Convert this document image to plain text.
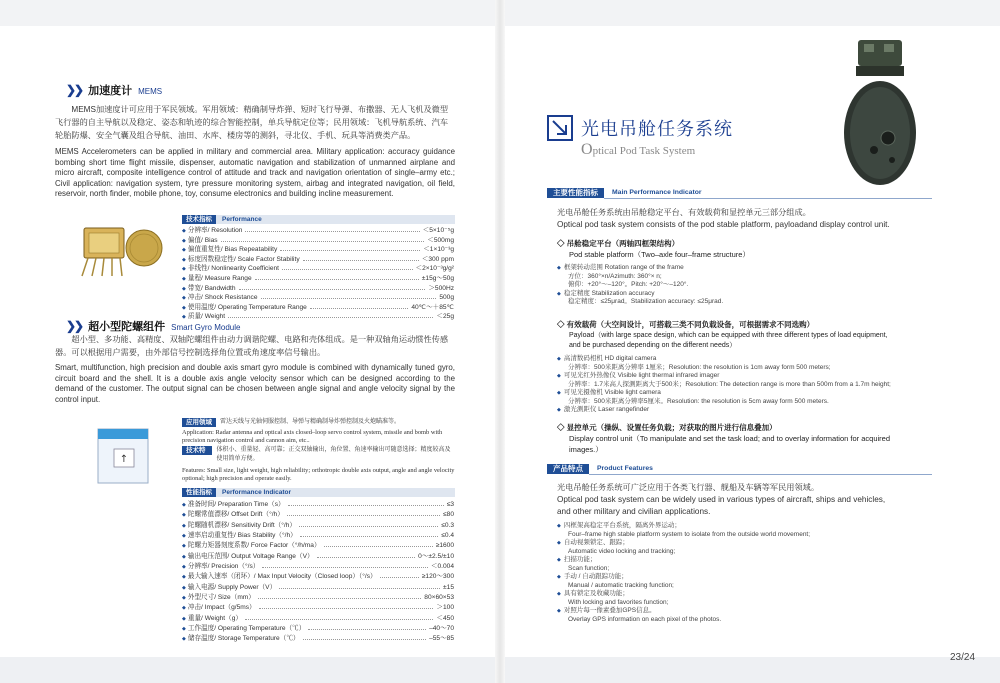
❯❯ 加速度计 MEMS
MEMS加速度计可应用于军民领域。军用领域：精确制导炸弹、短时飞行导弹、布撒器、无人飞机及微型飞行器的自主导航以及稳定、姿态和轨迹的综合智能控制，单兵导航定位等；民用领域：飞机导航系统、汽车轮胎防爆、安全气囊及组合导航、油田、水库、楼房等的测斜，寻北仪、手机、玩具等消费类产品。
MEMS Accelerometers can be applied in military and commercial area. Military application: accuracy guidance bombing short time flight missile, dispenser, automatic navigation and stabilization of unmanned airplane and micro aircraft, composite intelligence control of attitude and track and navigation orientation of single–army etc.; Civil application: navigation system, tyre pressure monitoring system, airbag and integrated navigation, oil field, reservoir, north finder, mobile phone, toy, consume electronics and building incline measurement.
技术指标	Performance
◆ 分辨率/ Resolution	＜5×10⁻⁵g
◆ 偏值/ Bias	＜500mg
◆ 偏值重复性/ Bias Repeatability	＜1×10⁻³g
◆ 标度因数稳定性/ Scale Factor Stability	＜300 ppm
◆ 非线性/ Nonlinearity Coefficient	＜2×10⁻³g/g²
◆ 量程/ Measure Range	±15g～50g
◆ 带宽/ Bandwidth	＞500Hz
◆ 冲击/ Shock Resistance	500g
◆ 使用温度/ Operating Temperature Range	40℃～＋85℃
◆ 质量/ Weight	＜25g
❯❯ 超小型陀螺组件 Smart Gyro Module
超小型、多功能、高精度、双轴陀螺组件由动力调谐陀螺、电路和壳体组成。是一种双轴角运动惯性传感器。可以根据用户需要，由外部信号控制选择角位置或角速度率信号输出。
Smart, multifunction, high precision and double axis smart gyro module is combined with dynamically tuned gyro, circuit board and the shell. It is a double axis angle velocity sensor which can be designed according to the demand of the customer. The output signal can be chosen between angle signal and angle velocity signal by the control input.
↑
应用领域	雷达天线与光轴伺服控制、导弹与精确制导炸弹控制及火炮瞄准等。
Application: Radar antenna and optical axis closed–loop servo control system, missile and bomb with precision navigation control and cannon aim, etc..
技术特点
体积小、重量轻、高可靠；正交双轴输出，角位置、角速率输出可随意选择；精度较高及使用简单方便。
Features: Small size, light weight, high reliability; orthotropic double axis output, angle and angle velocity optional; high precision and operate easily.
性能指标	Performance Indicator
◆ 准备时间/ Preparation Time（s）	≤3
◆ 陀螺常值漂移/ Offset Drift（°/h）	≤80
◆ 陀螺随机漂移/ Sensitivity Drift（°/h）	≤0.3
◆ 速率启动重复性/ Bias Stability（°/h）	≤0.4
◆ 陀螺力矩器刻度系数/ Force Factor（°/h/ma）	≥1600
◆ 输出电压范围/ Output Voltage Range（V）	0～±2.5/±10
◆ 分辨率/ Precision（°/s）	＜0.004
◆ 最大输入速率（闭环）/ Max Input Velocity（Closed loop）（°/s）	≥120～300
◆ 输入电源/ Supply Power（V）	±15
◆ 外型尺寸/ Size（mm）	80×60×53
◆ 冲击/ Impact（g/5ms）	＞100
◆ 重量/ Weight（g）	＜450
◆ 工作温度/ Operating Temperature（℃）	–40～70
◆ 储存温度/ Storage Temperature（℃）	–55～85
光电吊舱任务系统
Optical Pod Task System
主要性能指标	Main Performance Indicator
光电吊舱任务系统由吊舱稳定平台、有效载荷和显控单元三部分组成。
Optical pod task system consists of the pod stable platform, payloadand display control unit.
◇ 吊舱稳定平台（两轴四框架结构）
Pod stable platform（Two–axle four–frame structure）
◆ 框架转动范围 Rotation range of the frame
方位：360°×n/Azimuth: 360°× n;
俯仰：+20°～–120°。Pitch: +20°～–120°.
◆ 稳定精度 Stabilization accuracy
稳定精度：≤25μrad。Stabilization accuracy: ≤25μrad.
◇ 有效载荷（大空间设计，可搭载三类不同负载设备，可根据需求不同选购）
Payload（with large space design, which can be equipped with three different types of load equipment,
and be purchased depending on the different needs）
◆ 高清数码相机 HD digital camera
分辨率：500米距离分辨率 1厘米；Resolution: the resolution is 1cm away form 500 meters;
◆ 可见光红外热像仪 Visible light thermal infrared imager
分辨率：1.7米高人探测距离大于500米；Resolution: The detection range is more than 500m from a 1.7m height;
◆ 可见光摄像机 Visible light camera
分辨率：500米距离分辨率5厘米。Resolution: the resolution is 5cm away form 500 meters.
◆ 激光测距仪 Laser rangefinder
◇ 显控单元（操纵、设置任务负载；对获取的图片进行信息叠加）
Display control unit（To manipulate and set the task load; and to overlay information for acquired
images.）
产品特点	Product Features
光电吊舱任务系统可广泛应用于各类飞行器、舰船及车辆等军民用领域。
Optical pod task system can be widely used in various types of aircraft, ships and vehicles,
and other military and civilian applications.
◆ 四框架高稳定平台系统，隔离外界运动；
Four–frame high stable platform system to isolate from the outside world movement;
◆ 自动视频锁定、跟踪；
Automatic video locking and tracking;
◆ 扫描功能；
Scan function;
◆ 手动 / 自动跟踪功能；
Manual / automatic tracking function;
◆ 具有锁定及收藏功能；
With locking and favorites function;
◆ 对照片每一像素叠加GPS信息。
Overlay GPS information on each pixel of the photos.
23/24
